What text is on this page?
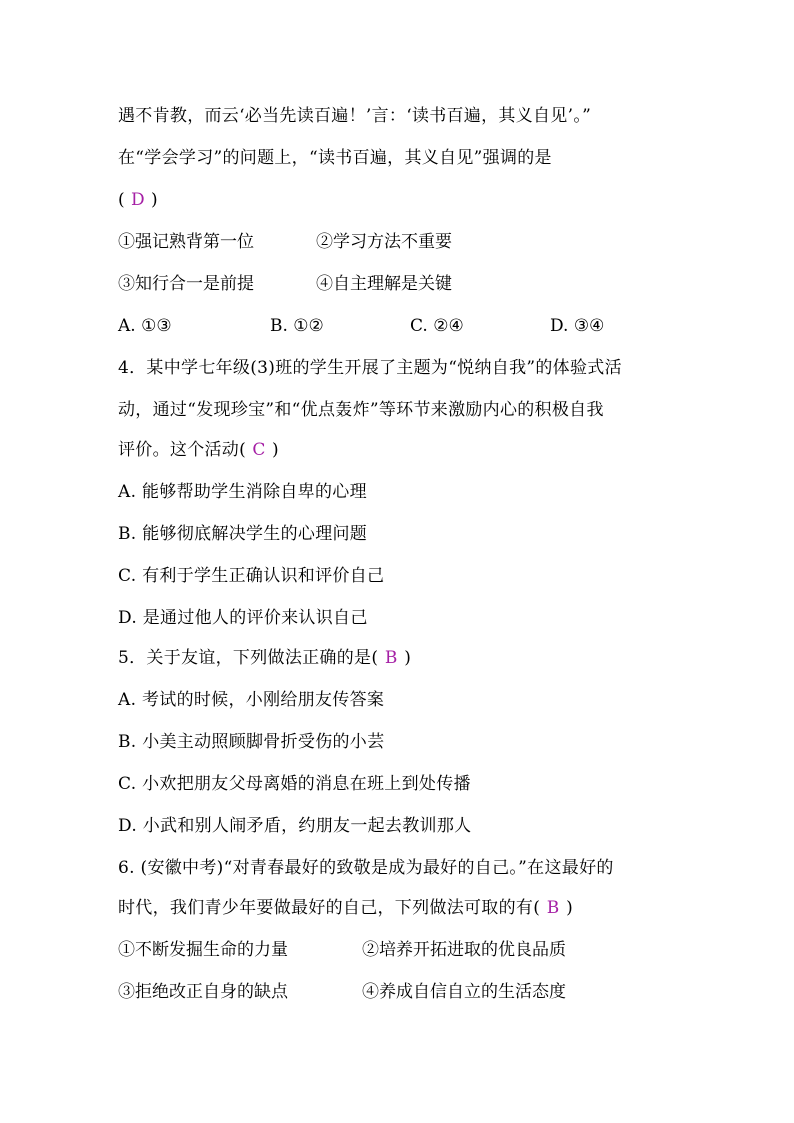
遇不肯教，而云‘必当先读百遍！’言：‘读书百遍，其义自见’。”
在“学会学习”的问题上，“读书百遍，其义自见”强调的是
( D )
①强记熟背第一位	②学习方法不重要
③知行合一是前提	④自主理解是关键
A. ①③	B. ①②	C. ②④	D. ③④
4．某中学七年级(3)班的学生开展了主题为“悦纳自我”的体验式活
动，通过“发现珍宝”和“优点轰炸”等环节来激励内心的积极自我
评价。这个活动( C )
A. 能够帮助学生消除自卑的心理
B. 能够彻底解决学生的心理问题
C. 有利于学生正确认识和评价自己
D. 是通过他人的评价来认识自己
5．关于友谊，下列做法正确的是( B )
A. 考试的时候，小刚给朋友传答案
B. 小美主动照顾脚骨折受伤的小芸
C. 小欢把朋友父母离婚的消息在班上到处传播
D. 小武和别人闹矛盾，约朋友一起去教训那人
6. (安徽中考)“对青春最好的致敬是成为最好的自己。”在这最好的
时代，我们青少年要做最好的自己，下列做法可取的有( B )
①不断发掘生命的力量	②培养开拓进取的优良品质
③拒绝改正自身的缺点	④养成自信自立的生活态度
